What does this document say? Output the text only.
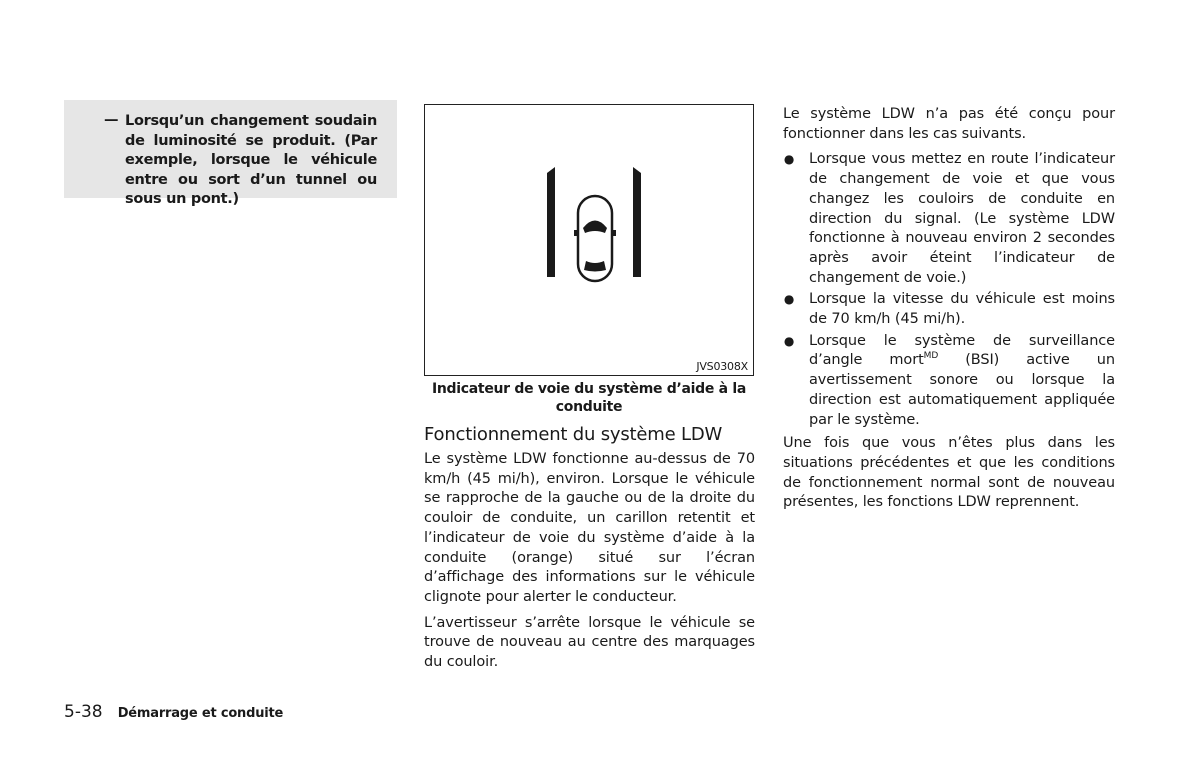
— Lorsqu’un changement soudain de luminosité se produit. (Par exemple, lorsque le véhicule entre ou sort d’un tunnel ou sous un pont.)
JVS0308X
Indicateur de voie du système d’aide à la conduite
Fonctionnement du système LDW

Le système LDW fonctionne au-dessus de 70 km/h (45 mi/h), environ. Lorsque le véhicule se rapproche de la gauche ou de la droite du couloir de conduite, un carillon retentit et l’indicateur de voie du système d’aide à la conduite (orange) situé sur l’écran d’affichage des informations sur le véhicule clignote pour alerter le conducteur.

L’avertisseur s’arrête lorsque le véhicule se trouve de nouveau au centre des marquages du couloir.

Le système LDW n’a pas été conçu pour fonctionner dans les cas suivants.

● Lorsque vous mettez en route l’indicateur de changement de voie et que vous changez les couloirs de conduite en direction du signal. (Le système LDW fonctionne à nouveau environ 2 secondes après avoir éteint l’indicateur de changement de voie.)
● Lorsque la vitesse du véhicule est moins de 70 km/h (45 mi/h).
● Lorsque le système de surveillance d’angle mort$^{MD}$ (BSI) active un avertissement sonore ou lorsque la direction est automatiquement appliquée par le système.

Une fois que vous n’êtes plus dans les situations précédentes et que les conditions de fonctionnement normal sont de nouveau présentes, les fonctions LDW reprennent.

5-38 Démarrage et conduite
